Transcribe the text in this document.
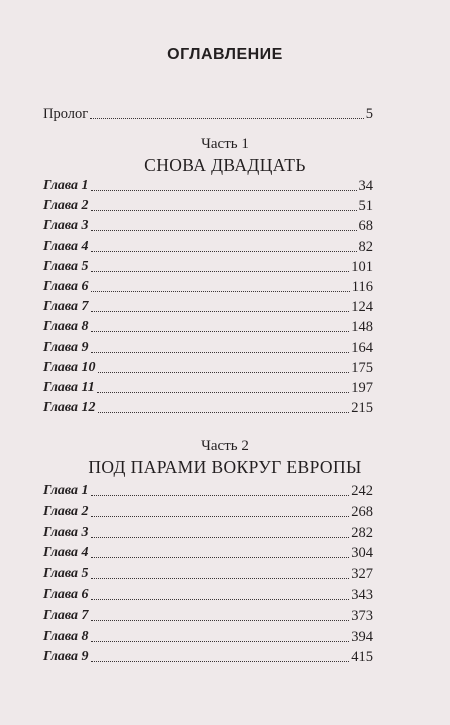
ОГЛАВЛЕНИЕ
Пролог	5
Часть 1
СНОВА ДВАДЦАТЬ
Глава 1	34
Глава 2	51
Глава 3	68
Глава 4	82
Глава 5	101
Глава 6	116
Глава 7	124
Глава 8	148
Глава 9	164
Глава 10	175
Глава 11	197
Глава 12	215
Часть 2
ПОД ПАРАМИ ВОКРУГ ЕВРОПЫ
Глава 1	242
Глава 2	268
Глава 3	282
Глава 4	304
Глава 5	327
Глава 6	343
Глава 7	373
Глава 8	394
Глава 9	415
